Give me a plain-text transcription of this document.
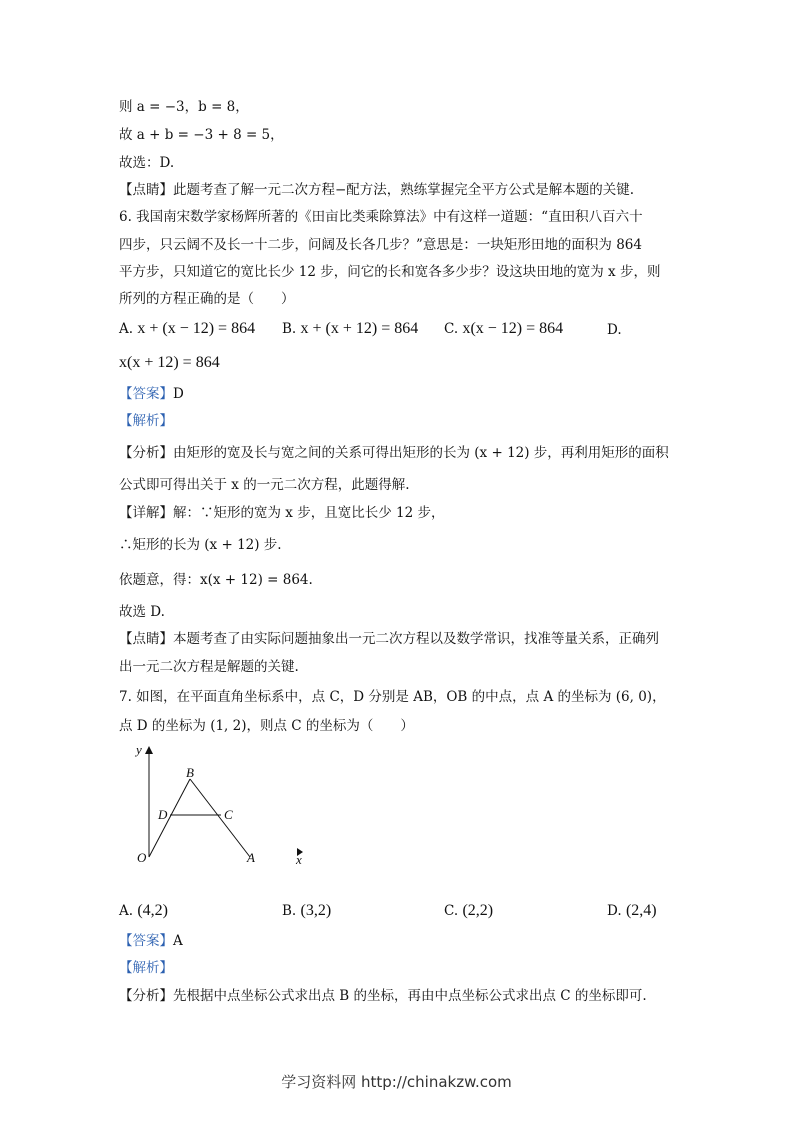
则 a = −3，b = 8，
故 a + b = −3 + 8 = 5，
故选：D.
【点睛】此题考查了解一元二次方程−配方法，熟练掌握完全平方公式是解本题的关键.
6. 我国南宋数学家杨辉所著的《田亩比类乘除算法》中有这样一道题：“直田积八百六十
四步，只云阔不及长一十二步，问阔及长各几步？”意思是：一块矩形田地的面积为 864
平方步，只知道它的宽比长少 12 步，问它的长和宽各多少步？设这块田地的宽为 x 步，则
所列的方程正确的是（　　）
A. x + (x − 12) = 864 B. x + (x + 12) = 864 C. x(x − 12) = 864	D.
x(x + 12) = 864
【答案】D
【解析】
【分析】由矩形的宽及长与宽之间的关系可得出矩形的长为 (x + 12) 步，再利用矩形的面积
公式即可得出关于 x 的一元二次方程，此题得解.
【详解】解：∵矩形的宽为 x 步，且宽比长少 12 步，
∴矩形的长为 (x + 12) 步.
依题意，得：x(x + 12) = 864.
故选 D.
【点睛】本题考查了由实际问题抽象出一元二次方程以及数学常识，找准等量关系，正确列
出一元二次方程是解题的关键.
7. 如图，在平面直角坐标系中，点 C，D 分别是 AB，OB 的中点，点 A 的坐标为 (6, 0)，
点 D 的坐标为 (1, 2)，则点 C 的坐标为（　　）
y
x
B
D	C
O	A
A. (4,2)	B. (3,2)	C. (2,2)	D. (2,4)
【答案】A
【解析】
【分析】先根据中点坐标公式求出点 B 的坐标，再由中点坐标公式求出点 C 的坐标即可.
学习资料网 http://chinakzw.com
